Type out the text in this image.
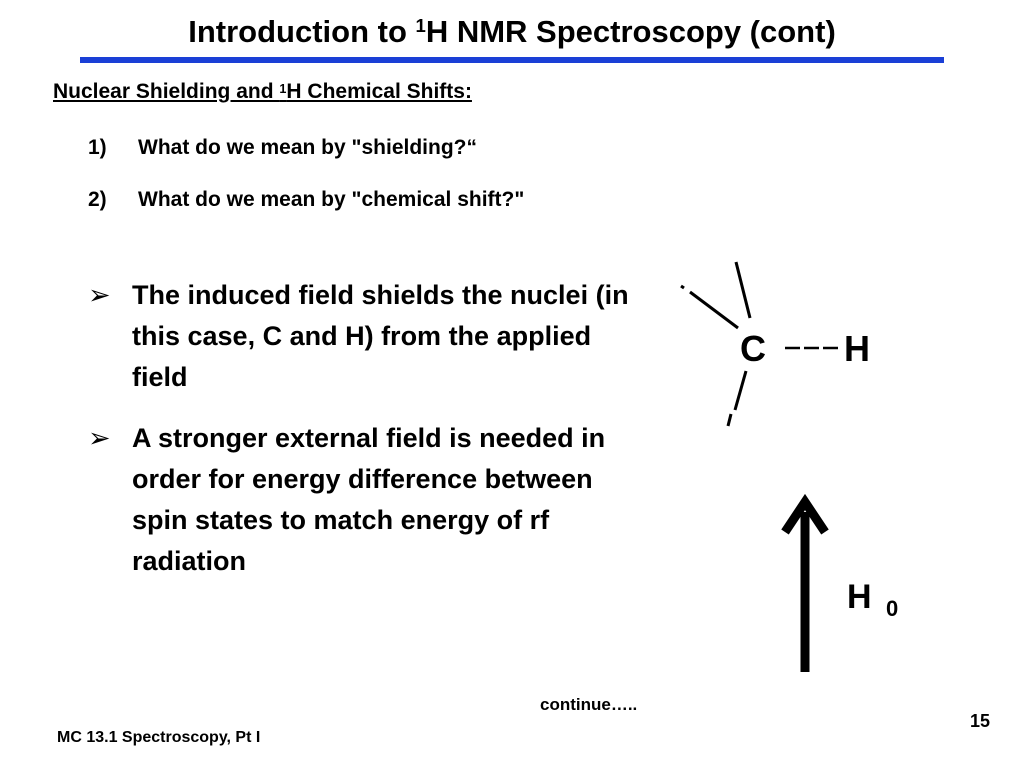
Introduction to $^1$H NMR Spectroscopy (cont)
Nuclear Shielding and $^1$H Chemical Shifts:
1) What do we mean by "shielding?“
2) What do we mean by "chemical shift?"
➢ The induced field shields the nuclei (in this case, C and H) from the applied field
➢ A stronger external field is needed in order for energy difference between spin states to match energy of rf radiation
C H
H 0
continue…..
15
MC 13.1 Spectroscopy, Pt I
